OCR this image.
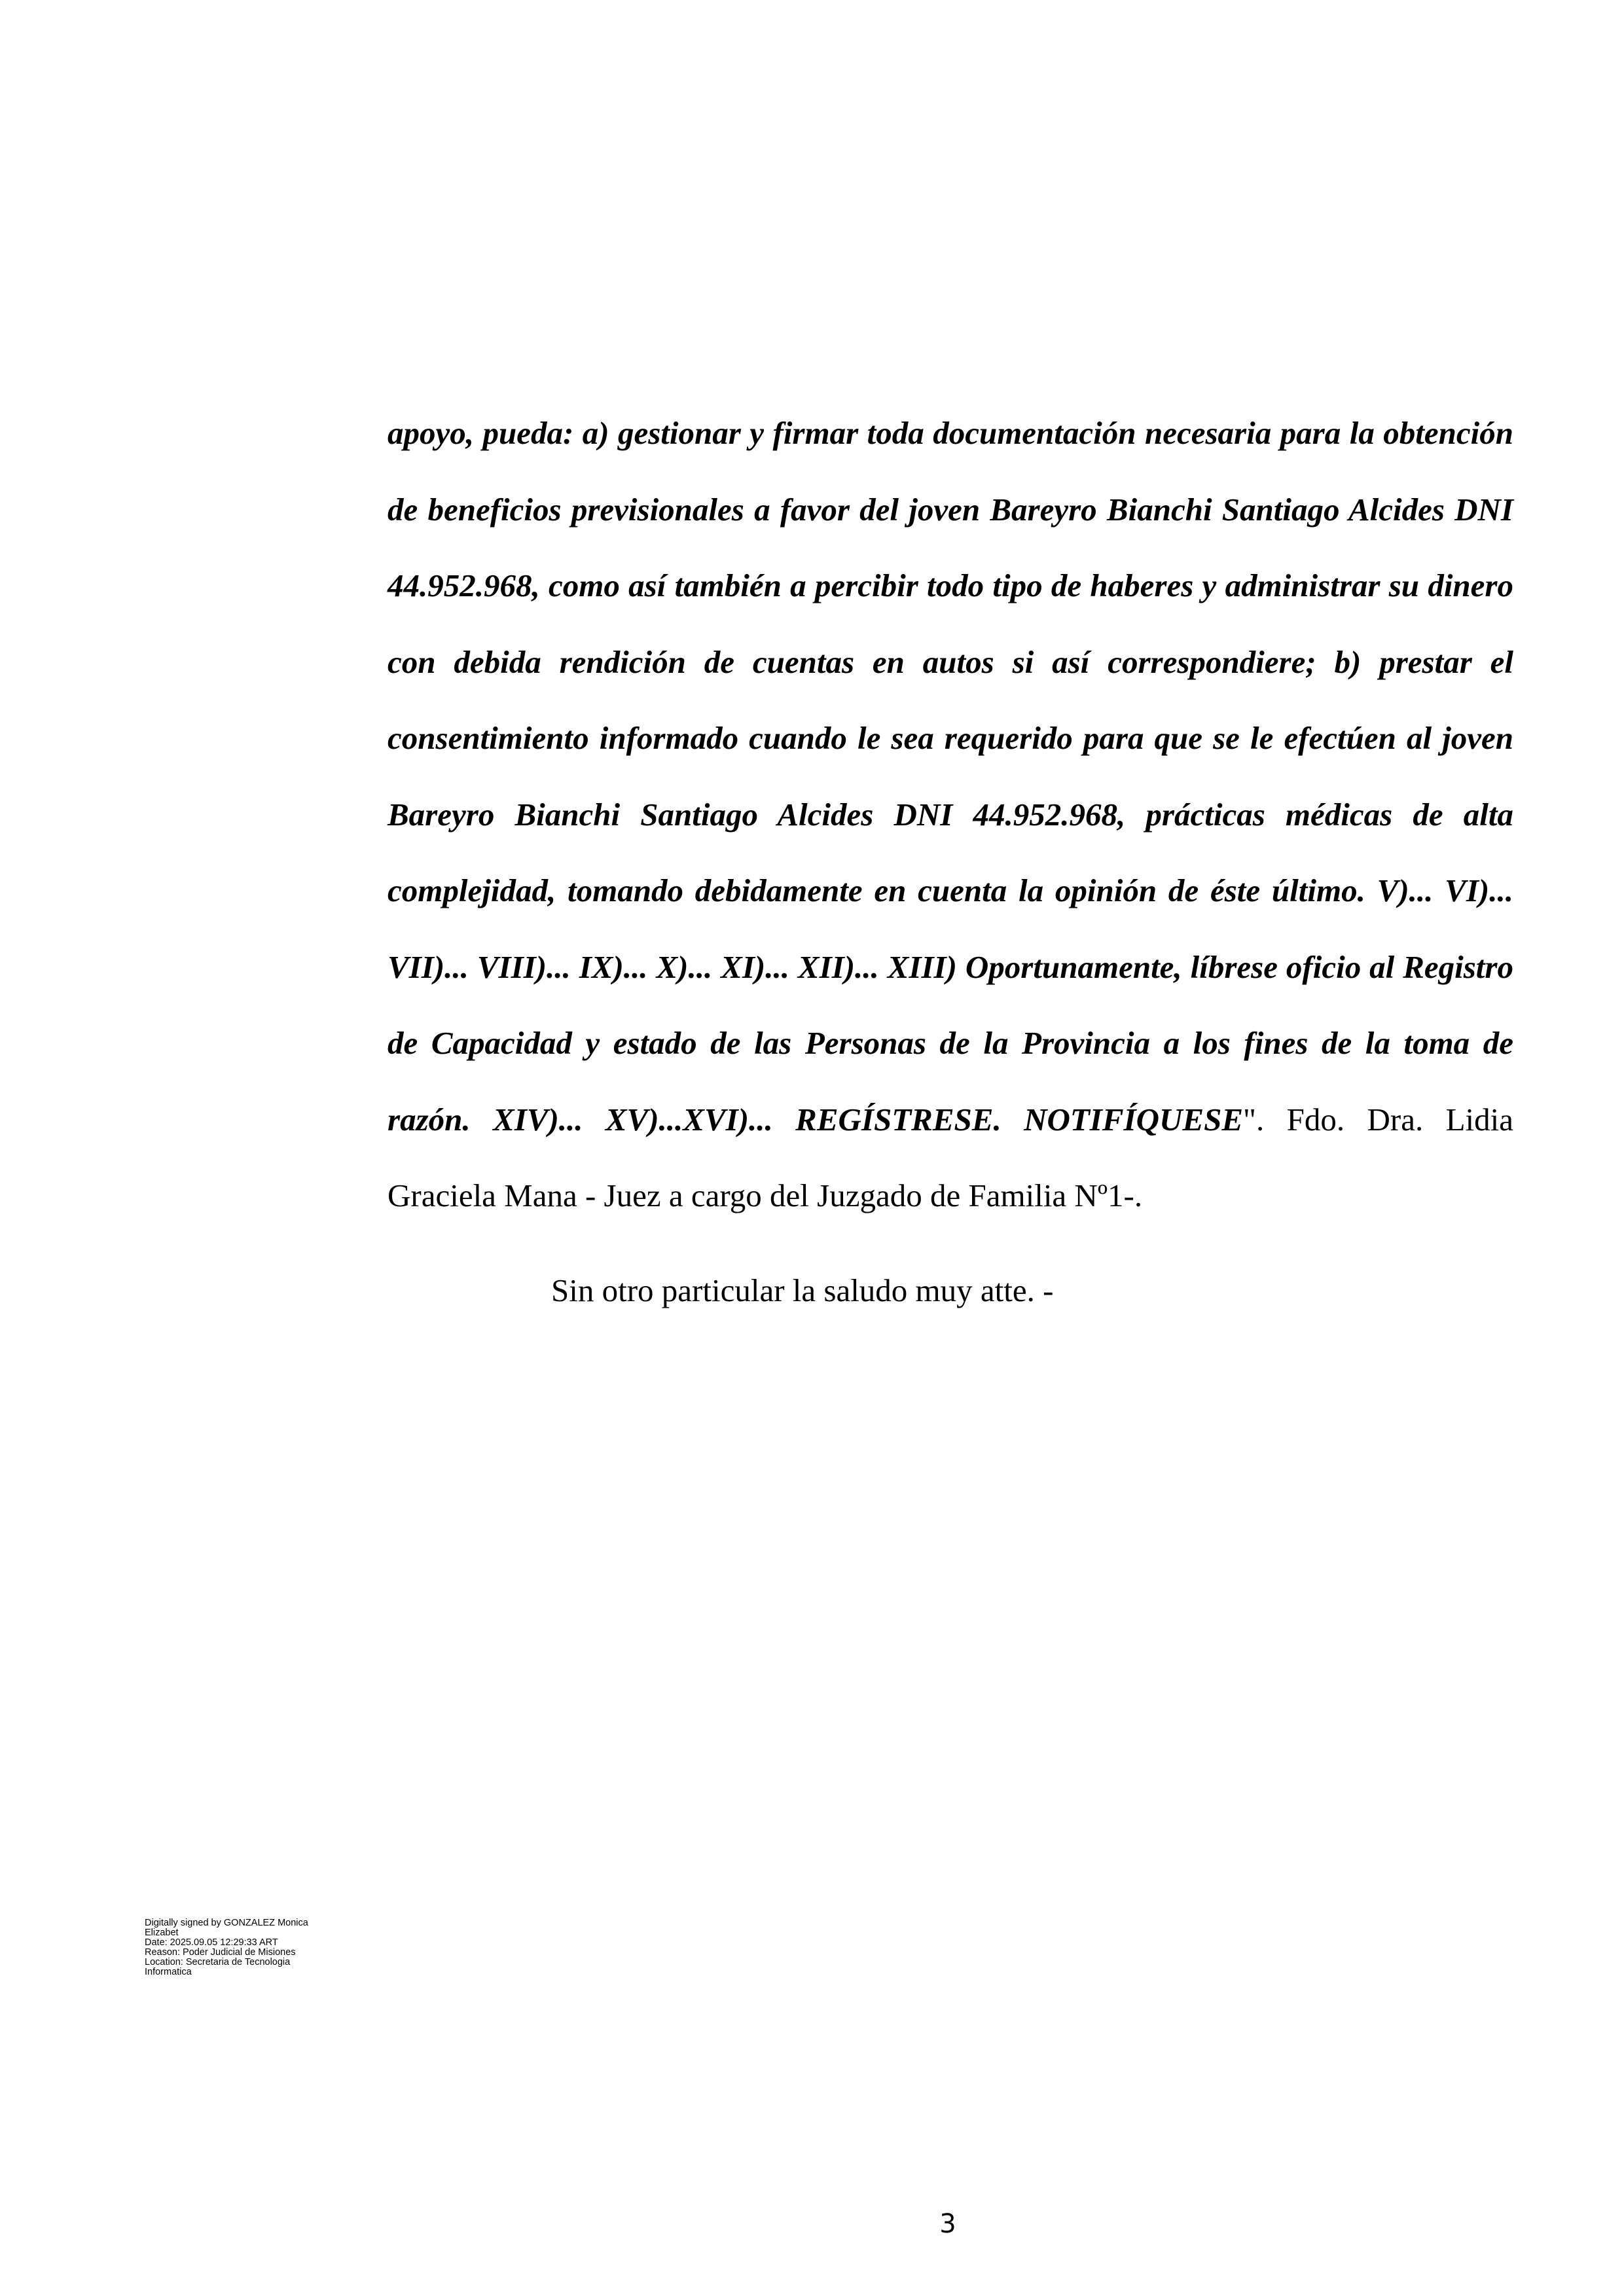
apoyo, pueda: a) gestionar y firmar toda documentación necesaria para la obtención de beneficios previsionales a favor del joven Bareyro Bianchi Santiago Alcides DNI 44.952.968, como así también a percibir todo tipo de haberes y administrar su dinero con debida rendición de cuentas en autos si así correspondiere; b) prestar el consentimiento informado cuando le sea requerido para que se le efectúen al joven Bareyro Bianchi Santiago Alcides DNI 44.952.968, prácticas médicas de alta complejidad, tomando debidamente en cuenta la opinión de éste último. V)... VI)... VII)... VIII)... IX)... X)... XI)... XII)... XIII) Oportunamente, líbrese oficio al Registro de Capacidad y estado de las Personas de la Provincia a los fines de la toma de razón. XIV)... XV)...XVI)... REGÍSTRESE. NOTIFÍQUESE". Fdo. Dra. Lidia Graciela Mana - Juez a cargo del Juzgado de Familia Nº1-.

Sin otro particular la saludo muy atte. -
Digitally signed by GONZALEZ Monica
Elizabet
Date: 2025.09.05 12:29:33 ART
Reason: Poder Judicial de Misiones
Location: Secretaria de Tecnologia
Informatica
3
